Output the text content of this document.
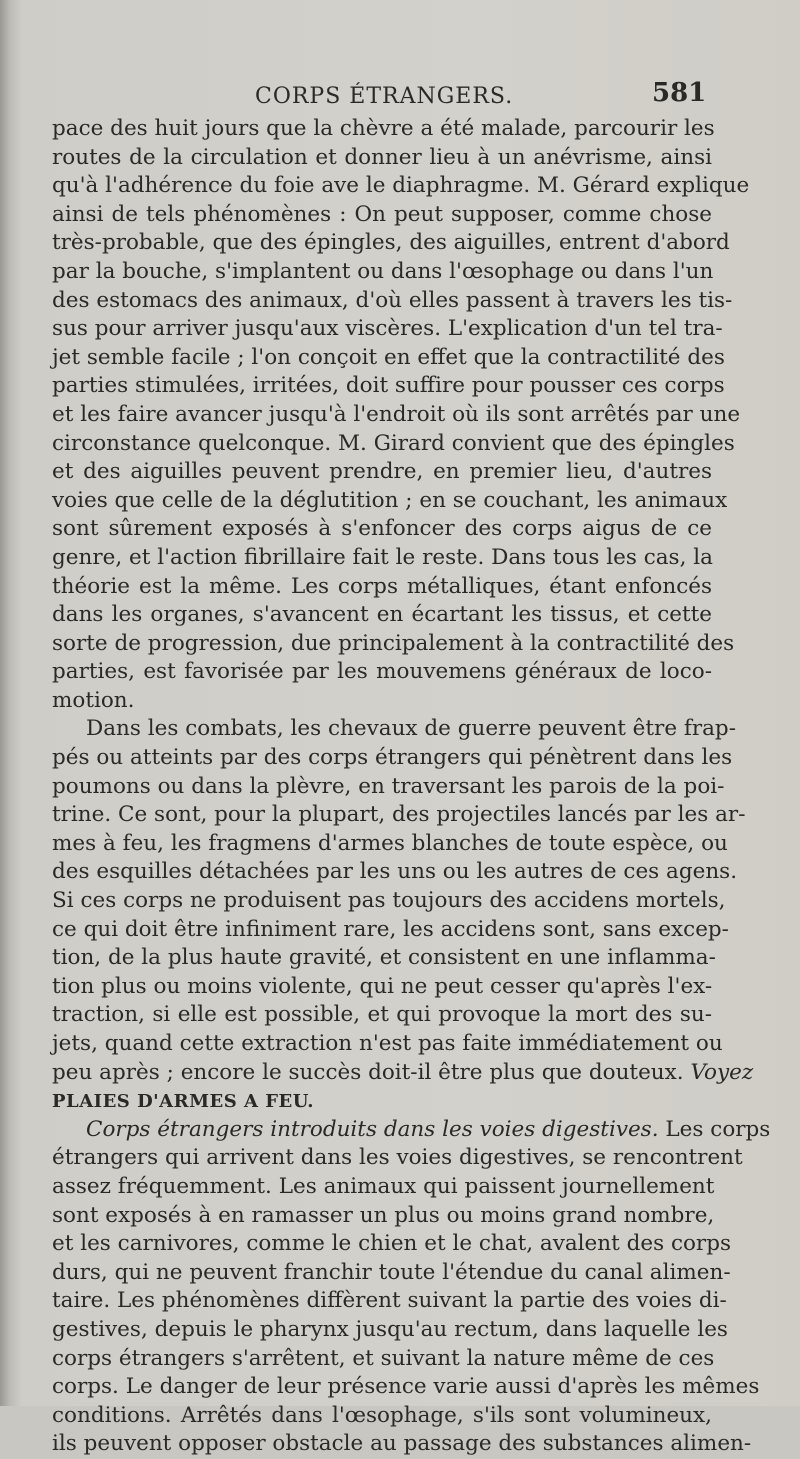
CORPS ÉTRANGERS.	581
pace des huit jours que la chèvre a été malade, parcourir les
routes de la circulation et donner lieu à un anévrisme, ainsi
qu'à l'adhérence du foie ave le diaphragme. M. Gérard explique
ainsi de tels phénomènes : On peut supposer, comme chose
très-probable, que des épingles, des aiguilles, entrent d'abord
par la bouche, s'implantent ou dans l'œsophage ou dans l'un
des estomacs des animaux, d'où elles passent à travers les tis-
sus pour arriver jusqu'aux viscères. L'explication d'un tel tra-
jet semble facile ; l'on conçoit en effet que la contractilité des
parties stimulées, irritées, doit suffire pour pousser ces corps
et les faire avancer jusqu'à l'endroit où ils sont arrêtés par une
circonstance quelconque. M. Girard convient que des épingles
et des aiguilles peuvent prendre, en premier lieu, d'autres
voies que celle de la déglutition ; en se couchant, les animaux
sont sûrement exposés à s'enfoncer des corps aigus de ce
genre, et l'action fibrillaire fait le reste. Dans tous les cas, la
théorie est la même. Les corps métalliques, étant enfoncés
dans les organes, s'avancent en écartant les tissus, et cette
sorte de progression, due principalement à la contractilité des
parties, est favorisée par les mouvemens généraux de loco-
motion.
Dans les combats, les chevaux de guerre peuvent être frap-
pés ou atteints par des corps étrangers qui pénètrent dans les
poumons ou dans la plèvre, en traversant les parois de la poi-
trine. Ce sont, pour la plupart, des projectiles lancés par les ar-
mes à feu, les fragmens d'armes blanches de toute espèce, ou
des esquilles détachées par les uns ou les autres de ces agens.
Si ces corps ne produisent pas toujours des accidens mortels,
ce qui doit être infiniment rare, les accidens sont, sans excep-
tion, de la plus haute gravité, et consistent en une inflamma-
tion plus ou moins violente, qui ne peut cesser qu'après l'ex-
traction, si elle est possible, et qui provoque la mort des su-
jets, quand cette extraction n'est pas faite immédiatement ou
peu après ; encore le succès doit-il être plus que douteux. Voyez
PLAIES D'ARMES A FEU.
Corps étrangers introduits dans les voies digestives. Les corps
étrangers qui arrivent dans les voies digestives, se rencontrent
assez fréquemment. Les animaux qui paissent journellement
sont exposés à en ramasser un plus ou moins grand nombre,
et les carnivores, comme le chien et le chat, avalent des corps
durs, qui ne peuvent franchir toute l'étendue du canal alimen-
taire. Les phénomènes diffèrent suivant la partie des voies di-
gestives, depuis le pharynx jusqu'au rectum, dans laquelle les
corps étrangers s'arrêtent, et suivant la nature même de ces
corps. Le danger de leur présence varie aussi d'après les mêmes
conditions. Arrêtés dans l'œsophage, s'ils sont volumineux,
ils peuvent opposer obstacle au passage des substances alimen-
